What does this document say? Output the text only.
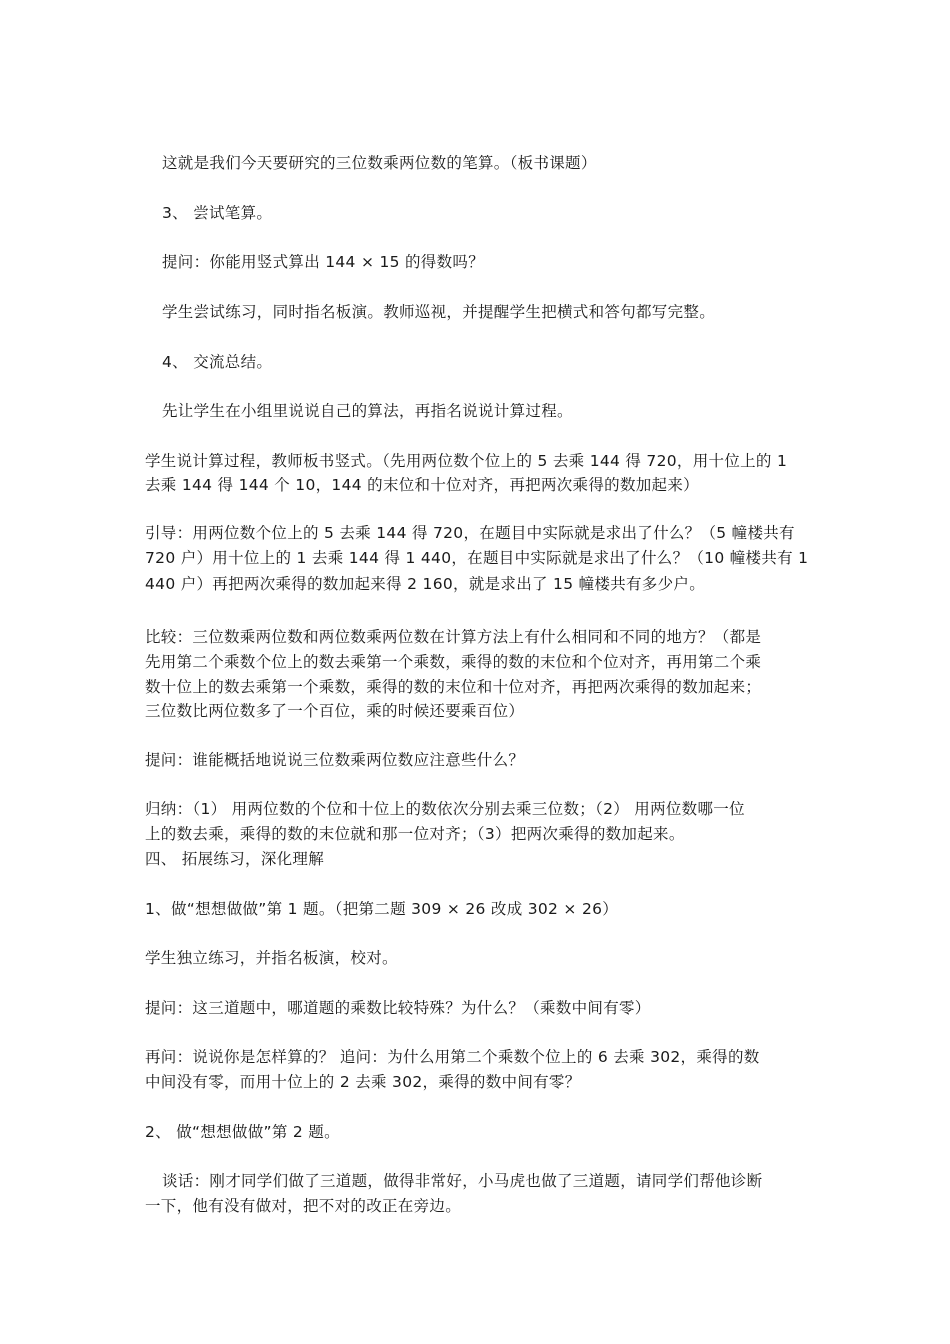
这就是我们今天要研究的三位数乘两位数的笔算。（板书课题）
3、 尝试笔算。
提问：你能用竖式算出 144 × 15 的得数吗？
学生尝试练习，同时指名板演。教师巡视，并提醒学生把横式和答句都写完整。
4、 交流总结。
先让学生在小组里说说自己的算法，再指名说说计算过程。
学生说计算过程，教师板书竖式。（先用两位数个位上的 5 去乘 144 得 720，用十位上的 1
去乘 144 得 144 个 10，144 的末位和十位对齐，再把两次乘得的数加起来）
引导：用两位数个位上的 5 去乘 144 得 720，在题目中实际就是求出了什么？（5 幢楼共有
720 户）用十位上的 1 去乘 144 得 1 440，在题目中实际就是求出了什么？（10 幢楼共有 1
440 户）再把两次乘得的数加起来得 2 160，就是求出了 15 幢楼共有多少户。
比较：三位数乘两位数和两位数乘两位数在计算方法上有什么相同和不同的地方？（都是
先用第二个乘数个位上的数去乘第一个乘数，乘得的数的末位和个位对齐，再用第二个乘
数十位上的数去乘第一个乘数，乘得的数的末位和十位对齐，再把两次乘得的数加起来；
三位数比两位数多了一个百位，乘的时候还要乘百位）
提问：谁能概括地说说三位数乘两位数应注意些什么？
归纳：（1） 用两位数的个位和十位上的数依次分别去乘三位数；（2） 用两位数哪一位
上的数去乘，乘得的数的末位就和那一位对齐；（3）把两次乘得的数加起来。
四、 拓展练习，深化理解
1、做“想想做做”第 1 题。（把第二题 309 × 26 改成 302 × 26）
学生独立练习，并指名板演，校对。
提问：这三道题中，哪道题的乘数比较特殊？为什么？（乘数中间有零）
再问：说说你是怎样算的？ 追问：为什么用第二个乘数个位上的 6 去乘 302，乘得的数
中间没有零，而用十位上的 2 去乘 302，乘得的数中间有零？
2、 做“想想做做”第 2 题。
谈话：刚才同学们做了三道题，做得非常好，小马虎也做了三道题，请同学们帮他诊断
一下，他有没有做对，把不对的改正在旁边。
